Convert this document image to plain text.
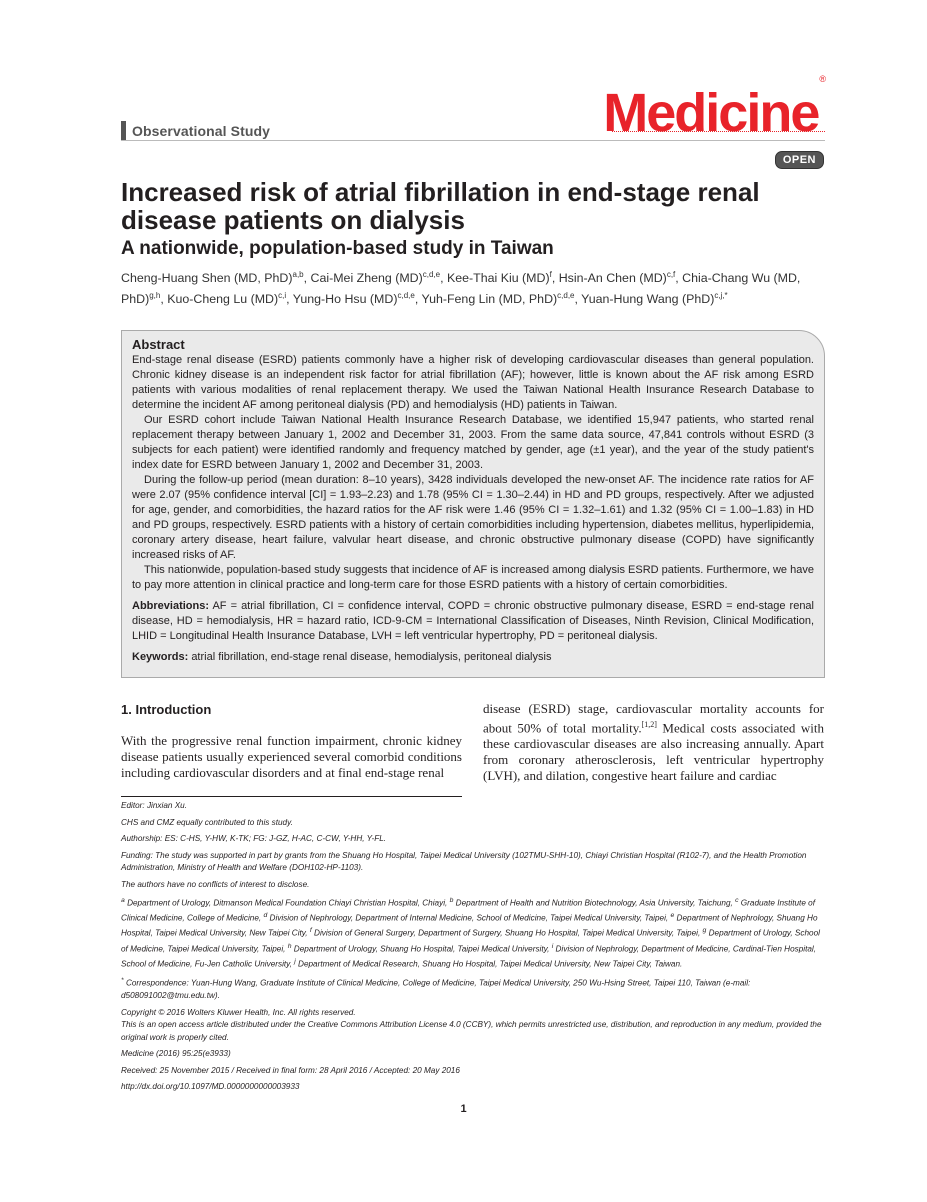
Observational Study	Medicine®
OPEN
Increased risk of atrial fibrillation in end-stage renal disease patients on dialysis
A nationwide, population-based study in Taiwan
Cheng-Huang Shen (MD, PhD)$^{a,b}$, Cai-Mei Zheng (MD)$^{c,d,e}$, Kee-Thai Kiu (MD)$^f$, Hsin-An Chen (MD)$^{c,f}$, Chia-Chang Wu (MD, PhD)$^{g,h}$, Kuo-Cheng Lu (MD)$^{c,i}$, Yung-Ho Hsu (MD)$^{c,d,e}$, Yuh-Feng Lin (MD, PhD)$^{c,d,e}$, Yuan-Hung Wang (PhD)$^{c,j,*}$
Abstract

End-stage renal disease (ESRD) patients commonly have a higher risk of developing cardiovascular diseases than general population. Chronic kidney disease is an independent risk factor for atrial fibrillation (AF); however, little is known about the AF risk among ESRD patients with various modalities of renal replacement therapy. We used the Taiwan National Health Insurance Research Database to determine the incident AF among peritoneal dialysis (PD) and hemodialysis (HD) patients in Taiwan.

Our ESRD cohort include Taiwan National Health Insurance Research Database, we identified 15,947 patients, who started renal replacement therapy between January 1, 2002 and December 31, 2003. From the same data source, 47,841 controls without ESRD (3 subjects for each patient) were identified randomly and frequency matched by gender, age (±1 year), and the year of the study patient's index date for ESRD between January 1, 2002 and December 31, 2003.

During the follow-up period (mean duration: 8–10 years), 3428 individuals developed the new-onset AF. The incidence rate ratios for AF were 2.07 (95% confidence interval [CI] = 1.93–2.23) and 1.78 (95% CI = 1.30–2.44) in HD and PD groups, respectively. After we adjusted for age, gender, and comorbidities, the hazard ratios for the AF risk were 1.46 (95% CI = 1.32–1.61) and 1.32 (95% CI = 1.00–1.83) in HD and PD groups, respectively. ESRD patients with a history of certain comorbidities including hypertension, diabetes mellitus, hyperlipidemia, coronary artery disease, heart failure, valvular heart disease, and chronic obstructive pulmonary disease (COPD) have significantly increased risks of AF.

This nationwide, population-based study suggests that incidence of AF is increased among dialysis ESRD patients. Furthermore, we have to pay more attention in clinical practice and long-term care for those ESRD patients with a history of certain comorbidities.

Abbreviations: AF = atrial fibrillation, CI = confidence interval, COPD = chronic obstructive pulmonary disease, ESRD = end-stage renal disease, HD = hemodialysis, HR = hazard ratio, ICD-9-CM = International Classification of Diseases, Ninth Revision, Clinical Modification, LHID = Longitudinal Health Insurance Database, LVH = left ventricular hypertrophy, PD = peritoneal dialysis.

Keywords: atrial fibrillation, end-stage renal disease, hemodialysis, peritoneal dialysis

1. Introduction
With the progressive renal function impairment, chronic kidney disease patients usually experienced several comorbid conditions including cardiovascular disorders and at final end-stage renal
disease (ESRD) stage, cardiovascular mortality accounts for about 50% of total mortality.[1,2] Medical costs associated with these cardiovascular diseases are also increasing annually. Apart from coronary atherosclerosis, left ventricular hypertrophy (LVH), and dilation, congestive heart failure and cardiac

Editor: Jinxian Xu.

CHS and CMZ equally contributed to this study.

Authorship: ES: C-HS, Y-HW, K-TK; FG: J-GZ, H-AC, C-CW, Y-HH, Y-FL.

Funding: The study was supported in part by grants from the Shuang Ho Hospital, Taipei Medical University (102TMU-SHH-10), Chiayi Christian Hospital (R102-7), and the Health Promotion Administration, Ministry of Health and Welfare (DOH102-HP-1103).

The authors have no conflicts of interest to disclose.

$^a$ Department of Urology, Ditmanson Medical Foundation Chiayi Christian Hospital, Chiayi, $^b$ Department of Health and Nutrition Biotechnology, Asia University, Taichung, $^c$ Graduate Institute of Clinical Medicine, College of Medicine, $^d$ Division of Nephrology, Department of Internal Medicine, School of Medicine, Taipei Medical University, Taipei, $^e$ Department of Nephrology, Shuang Ho Hospital, Taipei Medical University, New Taipei City, $^f$ Division of General Surgery, Department of Surgery, Shuang Ho Hospital, Taipei Medical University, Taipei, $^g$ Department of Urology, School of Medicine, Taipei Medical University, Taipei, $^h$ Department of Urology, Shuang Ho Hospital, Taipei Medical University, $^i$ Division of Nephrology, Department of Medicine, Cardinal-Tien Hospital, School of Medicine, Fu-Jen Catholic University, $^j$ Department of Medical Research, Shuang Ho Hospital, Taipei Medical University, New Taipei City, Taiwan.

* Correspondence: Yuan-Hung Wang, Graduate Institute of Clinical Medicine, College of Medicine, Taipei Medical University, 250 Wu-Hsing Street, Taipei 110, Taiwan (e-mail: d508091002@tmu.edu.tw).

Copyright © 2016 Wolters Kluwer Health, Inc. All rights reserved.

This is an open access article distributed under the Creative Commons Attribution License 4.0 (CCBY), which permits unrestricted use, distribution, and reproduction in any medium, provided the original work is properly cited.

Medicine (2016) 95:25(e3933)

Received: 25 November 2015 / Received in final form: 28 April 2016 / Accepted: 20 May 2016

http://dx.doi.org/10.1097/MD.0000000000003933

1
